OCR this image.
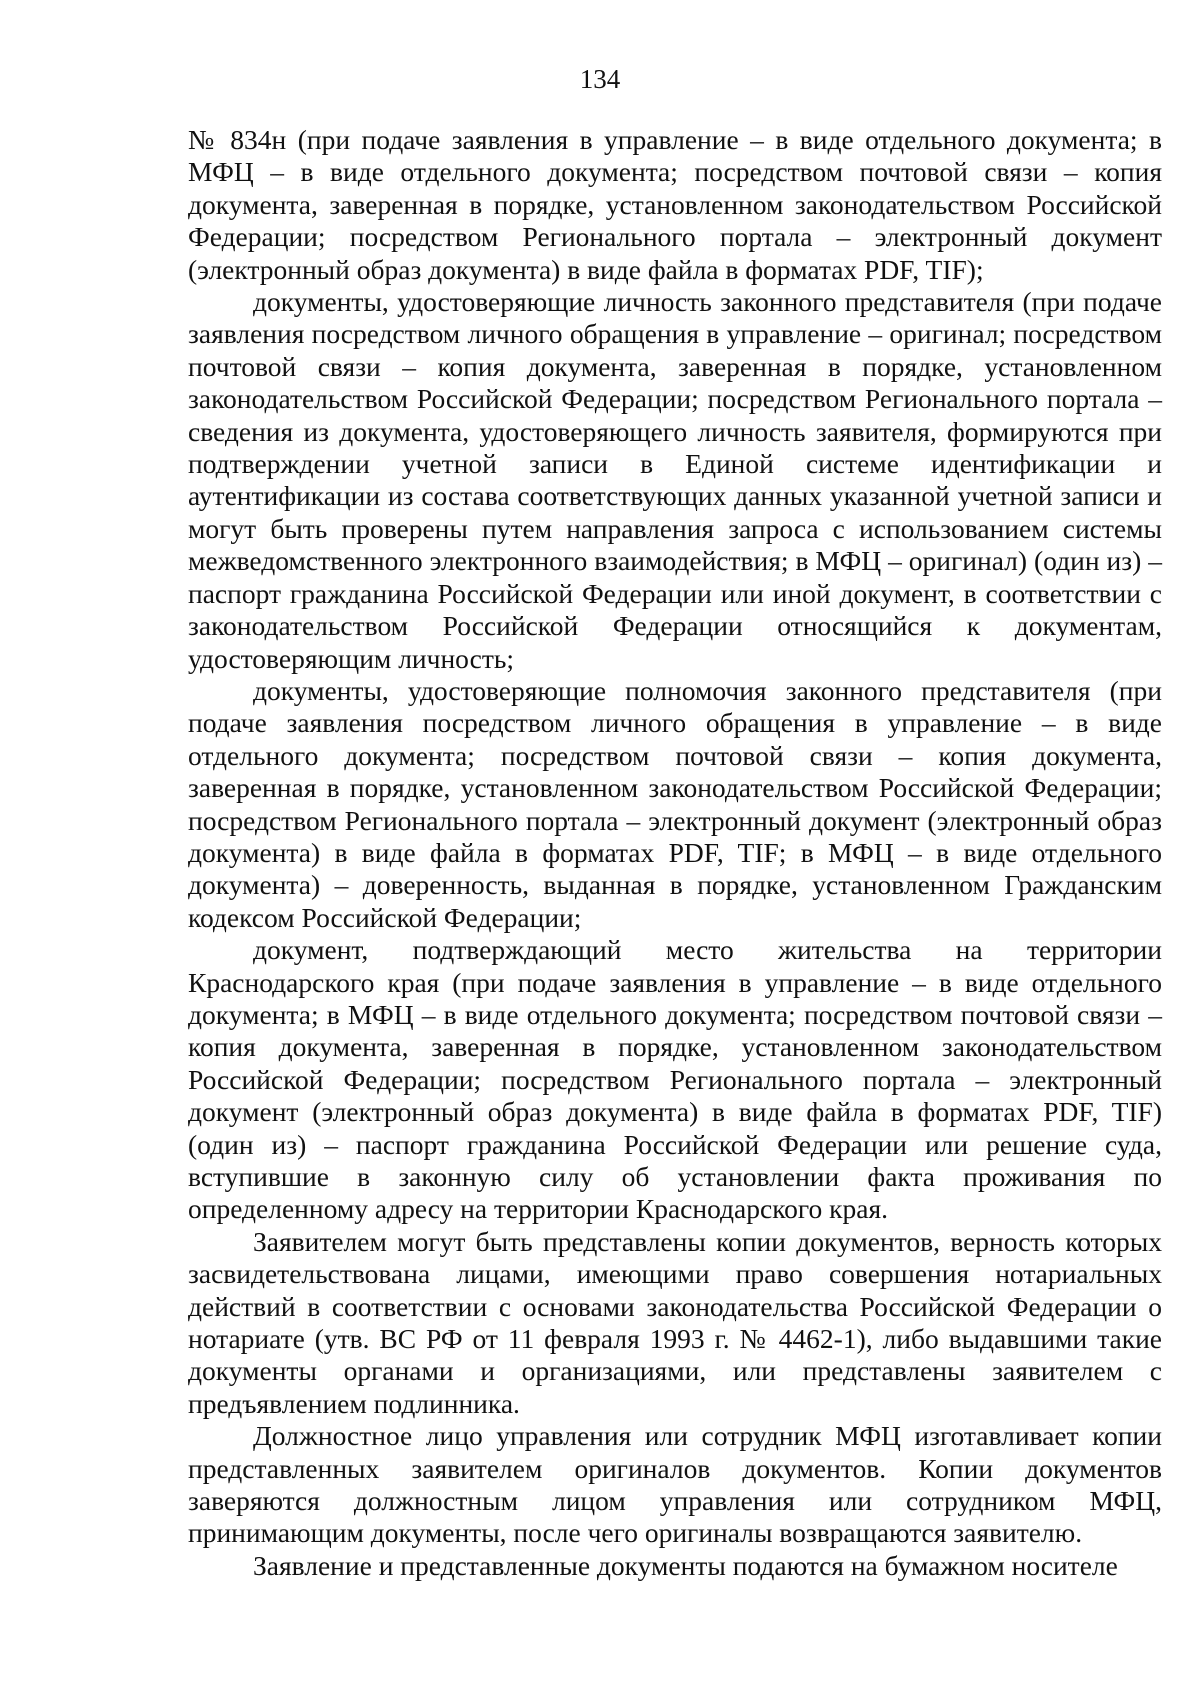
134

№ 834н (при подаче заявления в управление – в виде отдельного документа; в МФЦ – в виде отдельного документа; посредством почтовой связи – копия документа, заверенная в порядке, установленном законодательством Российской Федерации; посредством Регионального портала – электронный документ (электронный образ документа) в виде файла в форматах PDF, TIF);

документы, удостоверяющие личность законного представителя (при подаче заявления посредством личного обращения в управление – оригинал; посредством почтовой связи – копия документа, заверенная в порядке, установленном законодательством Российской Федерации; посредством Регионального портала – сведения из документа, удостоверяющего личность заявителя, формируются при подтверждении учетной записи в Единой системе идентификации и аутентификации из состава соответствующих данных указанной учетной записи и могут быть проверены путем направления запроса с использованием системы межведомственного электронного взаимодействия; в МФЦ – оригинал) (один из) – паспорт гражданина Российской Федерации или иной документ, в соответствии с законодательством Российской Федерации относящийся к документам, удостоверяющим личность;

документы, удостоверяющие полномочия законного представителя (при подаче заявления посредством личного обращения в управление – в виде отдельного документа; посредством почтовой связи – копия документа, заверенная в порядке, установленном законодательством Российской Федерации; посредством Регионального портала – электронный документ (электронный образ документа) в виде файла в форматах PDF, TIF; в МФЦ – в виде отдельного документа) – доверенность, выданная в порядке, установленном Гражданским кодексом Российской Федерации;

документ, подтверждающий место жительства на территории Краснодарского края (при подаче заявления в управление – в виде отдельного документа; в МФЦ – в виде отдельного документа; посредством почтовой связи – копия документа, заверенная в порядке, установленном законодательством Российской Федерации; посредством Регионального портала – электронный документ (электронный образ документа) в виде файла в форматах PDF, TIF) (один из) – паспорт гражданина Российской Федерации или решение суда, вступившие в законную силу об установлении факта проживания по определенному адресу на территории Краснодарского края.

Заявителем могут быть представлены копии документов, верность которых засвидетельствована лицами, имеющими право совершения нотариальных действий в соответствии с основами законодательства Российской Федерации о нотариате (утв. ВС РФ от 11 февраля 1993 г. № 4462-1), либо выдавшими такие документы органами и организациями, или представлены заявителем с предъявлением подлинника.

Должностное лицо управления или сотрудник МФЦ изготавливает копии представленных заявителем оригиналов документов. Копии документов заверяются должностным лицом управления или сотрудником МФЦ, принимающим документы, после чего оригиналы возвращаются заявителю.

Заявление и представленные документы подаются на бумажном носителе
